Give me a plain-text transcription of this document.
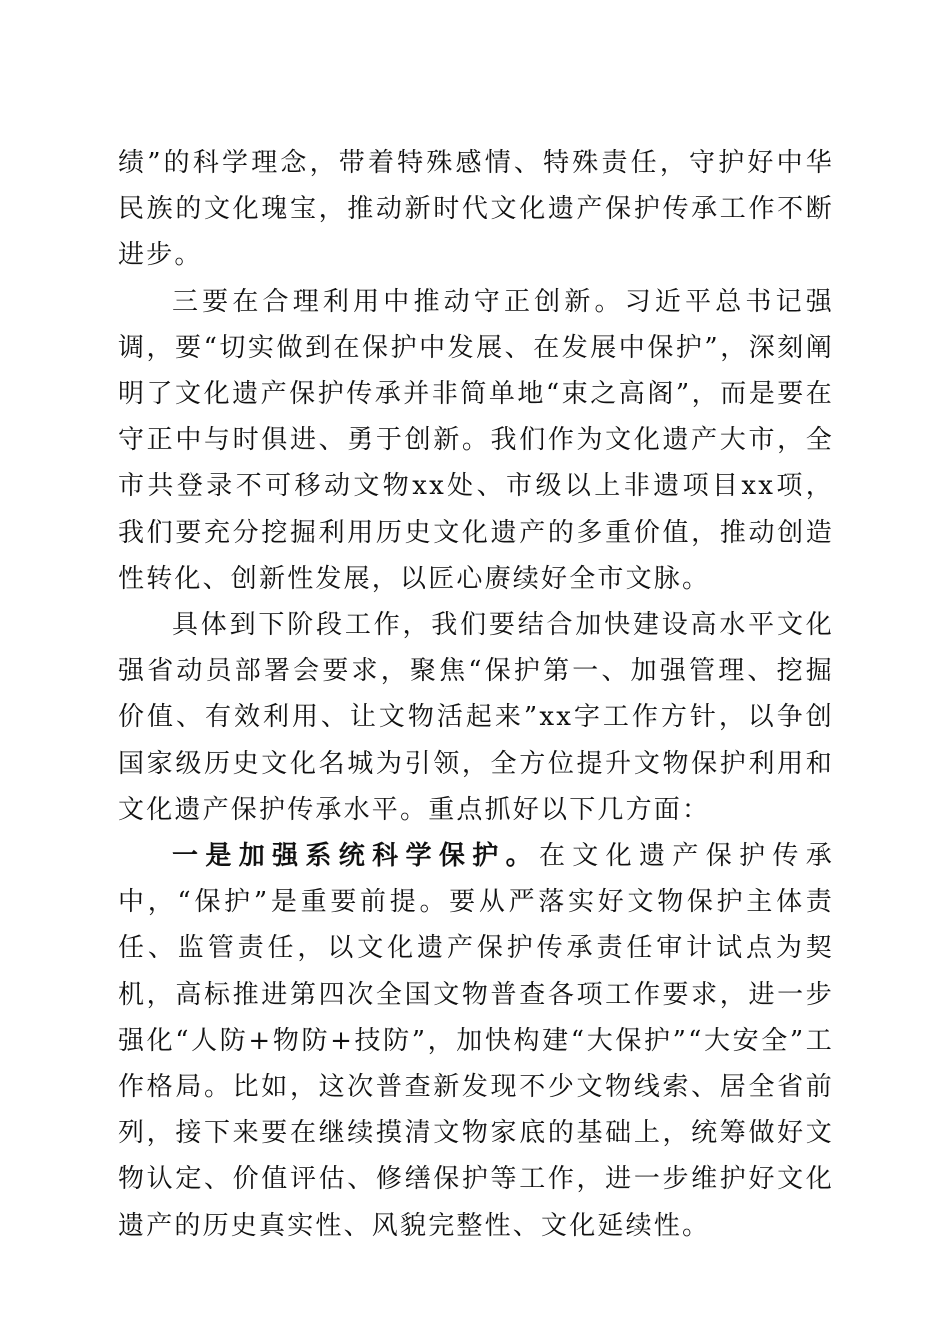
绩”的科学理念，带着特殊感情、特殊责任，守护好中华民族的文化瑰宝，推动新时代文化遗产保护传承工作不断进步。

三要在合理利用中推动守正创新。习近平总书记强调，要“切实做到在保护中发展、在发展中保护”，深刻阐明了文化遗产保护传承并非简单地“束之高阁”，而是要在守正中与时俱进、勇于创新。我们作为文化遗产大市，全市共登录不可移动文物xx处、市级以上非遗项目xx项，我们要充分挖掘利用历史文化遗产的多重价值，推动创造性转化、创新性发展，以匠心赓续好全市文脉。

具体到下阶段工作，我们要结合加快建设高水平文化强省动员部署会要求，聚焦“保护第一、加强管理、挖掘价值、有效利用、让文物活起来”xx字工作方针，以争创国家级历史文化名城为引领，全方位提升文物保护利用和文化遗产保护传承水平。重点抓好以下几方面：

一是加强系统科学保护。在文化遗产保护传承中，“保护”是重要前提。要从严落实好文物保护主体责任、监管责任，以文化遗产保护传承责任审计试点为契机，高标推进第四次全国文物普查各项工作要求，进一步强化“人防+物防+技防”，加快构建“大保护”“大安全”工作格局。比如，这次普查新发现不少文物线索、居全省前列，接下来要在继续摸清文物家底的基础上，统筹做好文物认定、价值评估、修缮保护等工作，进一步维护好文化遗产的历史真实性、风貌完整性、文化延续性。
